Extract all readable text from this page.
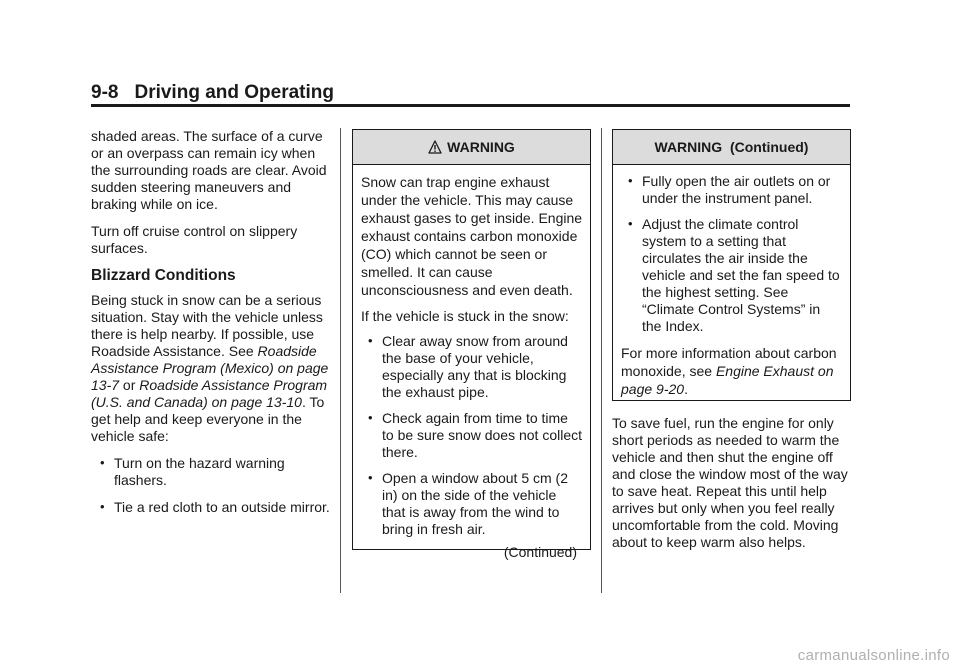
9-8 Driving and Operating

shaded areas. The surface of a curve or an overpass can remain icy when the surrounding roads are clear. Avoid sudden steering maneuvers and braking while on ice.

Turn off cruise control on slippery surfaces.

Blizzard Conditions

Being stuck in snow can be a serious situation. Stay with the vehicle unless there is help nearby. If possible, use Roadside Assistance. See Roadside Assistance Program (Mexico) on page 13-7 or Roadside Assistance Program (U.S. and Canada) on page 13-10. To get help and keep everyone in the vehicle safe:

• Turn on the hazard warning flashers.
• Tie a red cloth to an outside mirror.
WARNING

Snow can trap engine exhaust under the vehicle. This may cause exhaust gases to get inside. Engine exhaust contains carbon monoxide (CO) which cannot be seen or smelled. It can cause unconsciousness and even death.

If the vehicle is stuck in the snow:

• Clear away snow from around the base of your vehicle, especially any that is blocking the exhaust pipe.
• Check again from time to time to be sure snow does not collect there.
• Open a window about 5 cm (2 in) on the side of the vehicle that is away from the wind to bring in fresh air.
(Continued)
WARNING  (Continued)
• Fully open the air outlets on or under the instrument panel.
• Adjust the climate control system to a setting that circulates the air inside the vehicle and set the fan speed to the highest setting. See “Climate Control Systems” in the Index.

For more information about carbon monoxide, see Engine Exhaust on page 9-20.

To save fuel, run the engine for only short periods as needed to warm the vehicle and then shut the engine off and close the window most of the way to save heat. Repeat this until help arrives but only when you feel really uncomfortable from the cold. Moving about to keep warm also helps.

carmanualsonline.info
